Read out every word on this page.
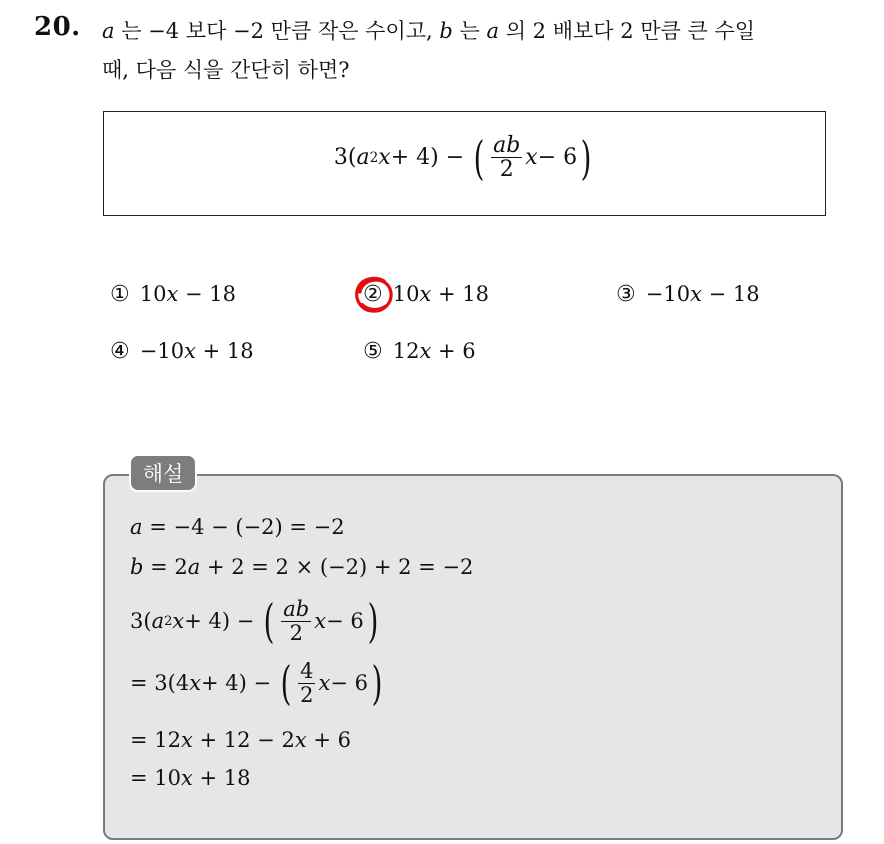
20. a 는 −4 보다 −2 만큼 작은 수이고, b 는 a 의 2 배보다 2 만큼 큰 수일
때, 다음 식을 간단히 하면?
3( a 2 x + 4) − ( $\frac{ab}{2}$ x − 6 )
① 10x − 18	② 10x + 18	③ −10x − 18
④ −10x + 18	⑤ 12x + 6
해설
a = −4 − (−2) = −2
b = 2a + 2 = 2 × (−2) + 2 = −2
3( a 2 x + 4) − ( $\frac{ab}{2}$ x − 6 )
= 3(4 x + 4) − ( $\frac{4}{2}$ x − 6 )
= 12x + 12 − 2x + 6
= 10x + 18
